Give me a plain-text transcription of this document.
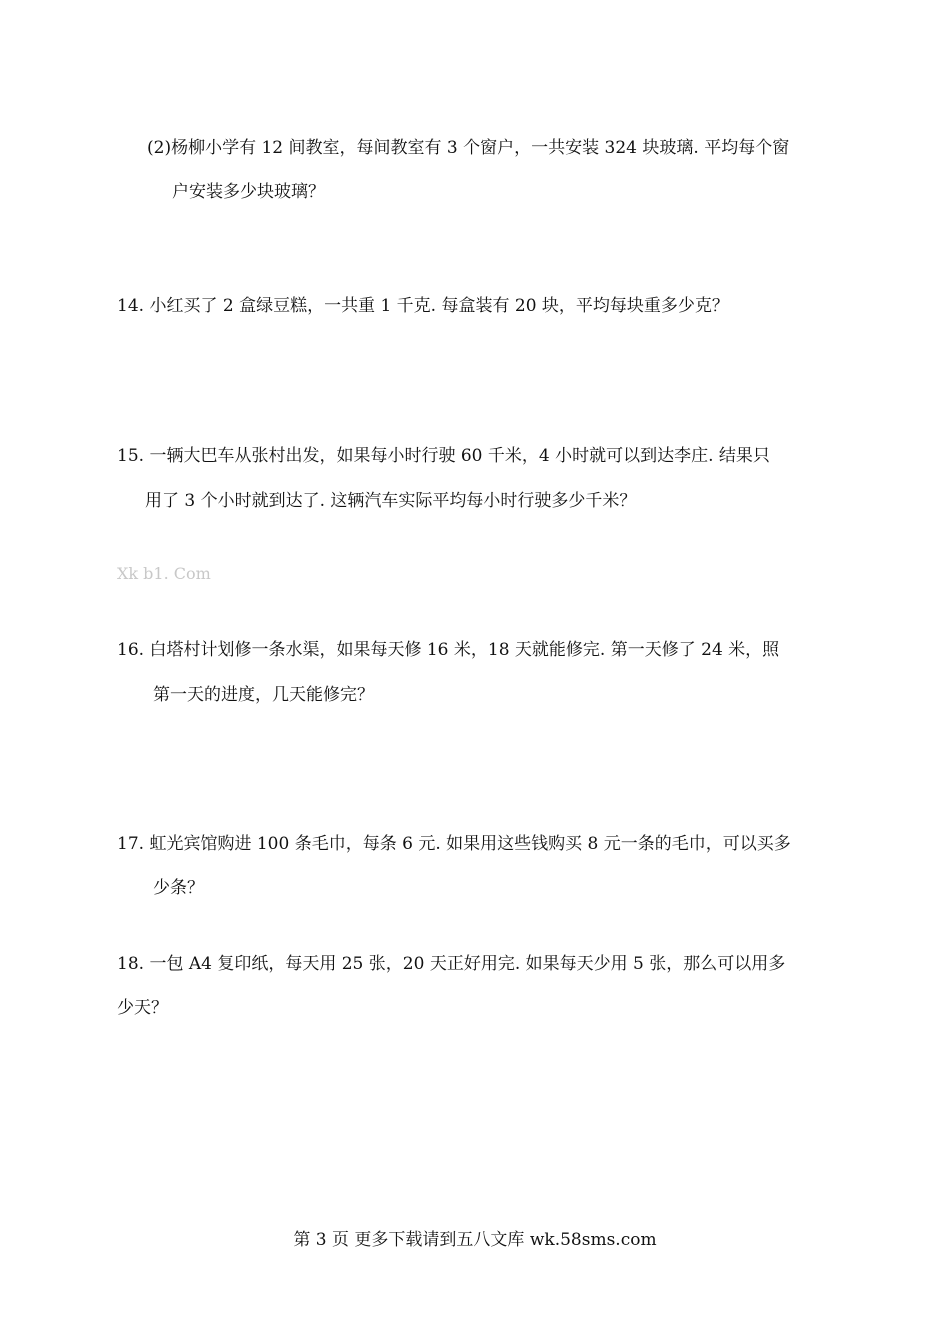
(2)杨柳小学有 12 间教室，每间教室有 3 个窗户，一共安装 324 块玻璃. 平均每个窗
户安装多少块玻璃？
14. 小红买了 2 盒绿豆糕，一共重 1 千克. 每盒装有 20 块，平均每块重多少克？
15. 一辆大巴车从张村出发，如果每小时行驶 60 千米，4 小时就可以到达李庄. 结果只
用了 3 个小时就到达了. 这辆汽车实际平均每小时行驶多少千米？
Xk b1. Com
16. 白塔村计划修一条水渠，如果每天修 16 米，18 天就能修完. 第一天修了 24 米，照
第一天的进度，几天能修完？
17. 虹光宾馆购进 100 条毛巾，每条 6 元. 如果用这些钱购买 8 元一条的毛巾，可以买多
少条？
18. 一包 A4 复印纸，每天用 25 张，20 天正好用完. 如果每天少用 5 张，那么可以用多
少天？
第 3 页 更多下载请到五八文库 wk.58sms.com
